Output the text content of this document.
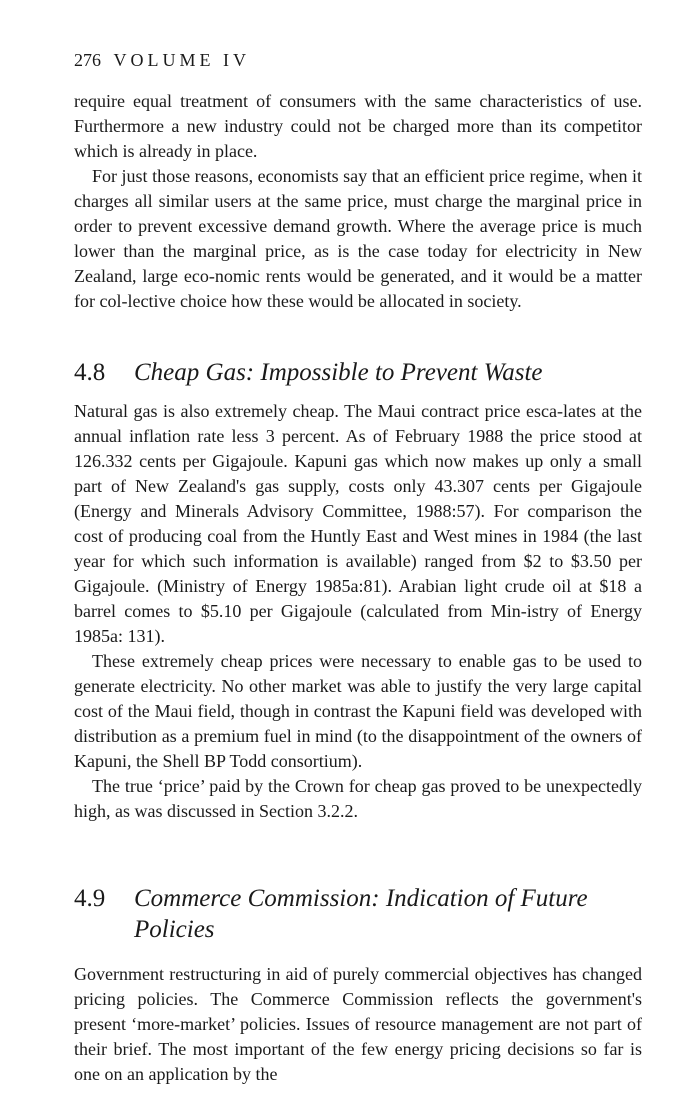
276 VOLUME IV

require equal treatment of consumers with the same characteristics of use. Furthermore a new industry could not be charged more than its competitor which is already in place.

For just those reasons, economists say that an efficient price regime, when it charges all similar users at the same price, must charge the marginal price in order to prevent excessive demand growth. Where the average price is much lower than the marginal price, as is the case today for electricity in New Zealand, large eco-nomic rents would be generated, and it would be a matter for col-lective choice how these would be allocated in society.

4.8	Cheap Gas: Impossible to Prevent Waste

Natural gas is also extremely cheap. The Maui contract price esca-lates at the annual inflation rate less 3 percent. As of February 1988 the price stood at 126.332 cents per Gigajoule. Kapuni gas which now makes up only a small part of New Zealand's gas supply, costs only 43.307 cents per Gigajoule (Energy and Minerals Advisory Committee, 1988:57). For comparison the cost of producing coal from the Huntly East and West mines in 1984 (the last year for which such information is available) ranged from $2 to $3.50 per Gigajoule. (Ministry of Energy 1985a:81). Arabian light crude oil at $18 a barrel comes to $5.10 per Gigajoule (calculated from Min-istry of Energy 1985a: 131).

These extremely cheap prices were necessary to enable gas to be used to generate electricity. No other market was able to justify the very large capital cost of the Maui field, though in contrast the Kapuni field was developed with distribution as a premium fuel in mind (to the disappointment of the owners of Kapuni, the Shell BP Todd consortium).

The true ‘price’ paid by the Crown for cheap gas proved to be unexpectedly high, as was discussed in Section 3.2.2.

4.9	Commerce Commission: Indication of Future Policies

Government restructuring in aid of purely commercial objectives has changed pricing policies. The Commerce Commission reflects the government's present ‘more-market’ policies. Issues of resource management are not part of their brief. The most important of the few energy pricing decisions so far is one on an application by the
